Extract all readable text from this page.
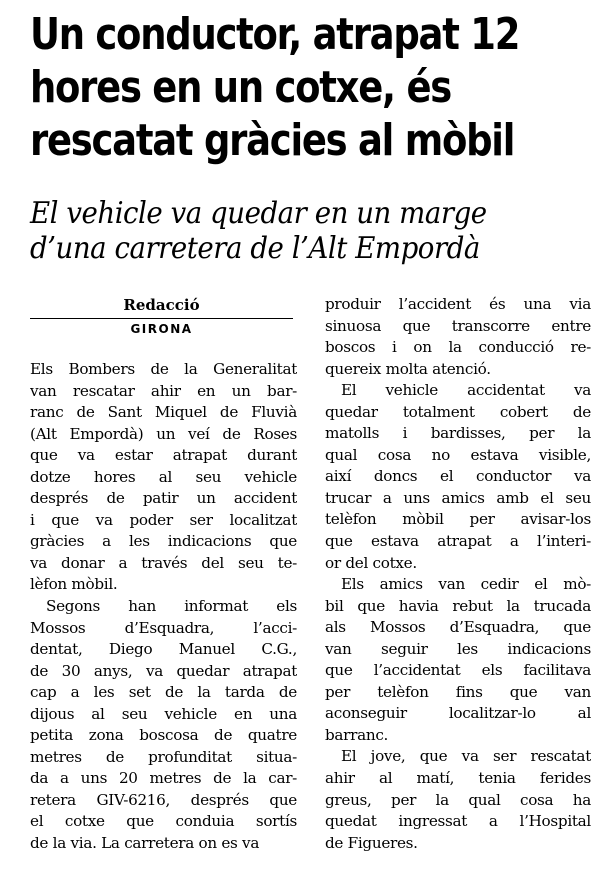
Un conductor, atrapat 12
hores en un cotxe, és
rescatat gràcies al mòbil
El vehicle va quedar en un marge
d’una carretera de l’Alt Empordà
Redacció
GIRONA
Els Bombers de la Generalitat
van rescatar ahir en un bar-
ranc de Sant Miquel de Fluvià
(Alt Empordà) un veí de Roses
que va estar atrapat durant
dotze hores al seu vehicle
després de patir un accident
i que va poder ser localitzat
gràcies a les indicacions que
va donar a través del seu te-
lèfon mòbil.
Segons han informat els
Mossos d’Esquadra, l’acci-
dentat, Diego Manuel C.G.,
de 30 anys, va quedar atrapat
cap a les set de la tarda de
dijous al seu vehicle en una
petita zona boscosa de quatre
metres de profunditat situa-
da a uns 20 metres de la car-
retera GIV-6216, després que
el cotxe que conduia sortís
de la via. La carretera on es va
produir l’accident és una via
sinuosa que transcorre entre
boscos i on la conducció re-
quereix molta atenció.
El vehicle accidentat va
quedar totalment cobert de
matolls i bardisses, per la
qual cosa no estava visible,
així doncs el conductor va
trucar a uns amics amb el seu
telèfon mòbil per avisar-los
que estava atrapat a l’interi-
or del cotxe.
Els amics van cedir el mò-
bil que havia rebut la trucada
als Mossos d’Esquadra, que
van seguir les indicacions
que l’accidentat els facilitava
per telèfon fins que van
aconseguir localitzar-lo al
barranc.
El jove, que va ser rescatat
ahir al matí, tenia ferides
greus, per la qual cosa ha
quedat ingressat a l’Hospital
de Figueres.
